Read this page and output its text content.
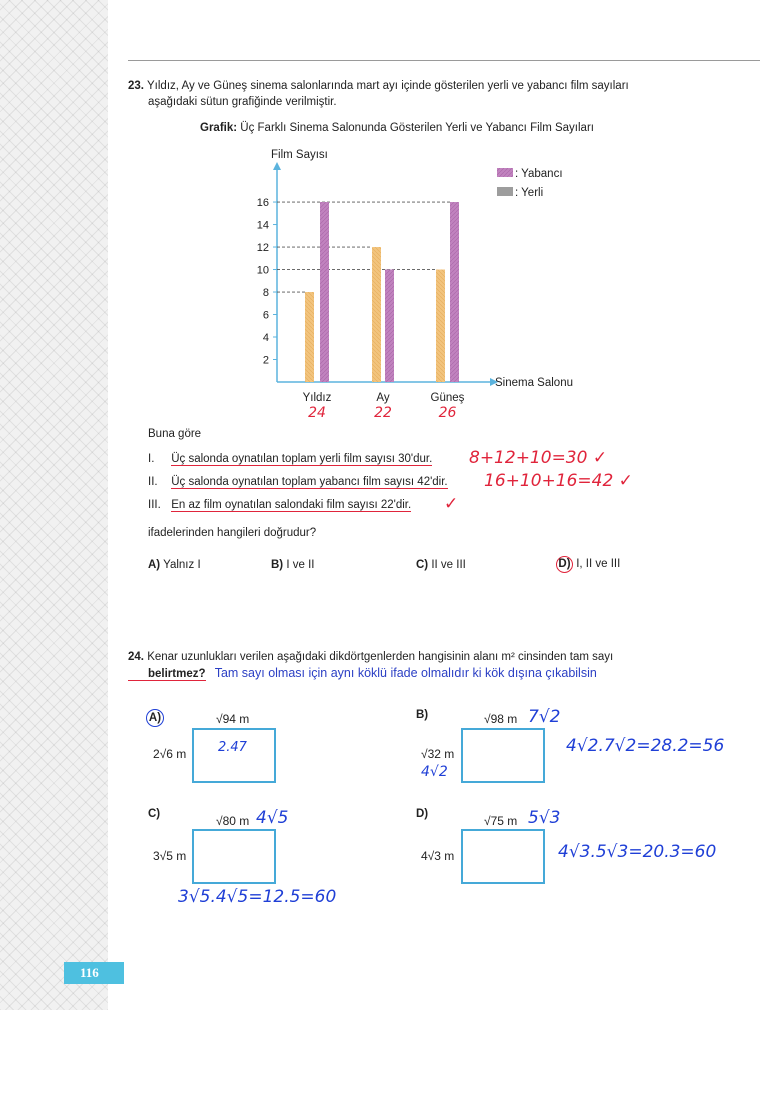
23. Yıldız, Ay ve Güneş sinema salonlarında mart ayı içinde gösterilen yerli ve yabancı film sayıları
aşağıdaki sütun grafiğinde verilmiştir.
Grafik: Üç Farklı Sinema Salonunda Gösterilen Yerli ve Yabancı Film Sayıları
Film Sayısı
Sinema Salonu
2
4
6
8
10
12
14
16
Yıldız
24
Ay
22
Güneş
26
: Yabancı
: Yerli
Buna göre
I. Üç salonda oynatılan toplam yerli film sayısı 30'dur. 8+12+10=30 ✓
II. Üç salonda oynatılan toplam yabancı film sayısı 42'dir. 16+10+16=42 ✓
III. En az film oynatılan salondaki film sayısı 22'dir. ✓
ifadelerinden hangileri doğrudur?
A) Yalnız I	B) I ve II	C) II ve III	D) I, II ve III
24. Kenar uzunlukları verilen aşağıdaki dikdörtgenlerden hangisinin alanı m² cinsinden tam sayı
belirtmez? Tam sayı olması için aynı köklü ifade olmalıdır ki kök dışına çıkabilsin
A)	√94 m
2.47
2√6 m
B)	√98 m 7√2
√32 m
4√2
4√2.7√2=28.2=56
C)	√80 m 4√5
3√5 m
3√5.4√5=12.5=60
D)	√75 m 5√3
4√3 m	4√3.5√3=20.3=60
116
